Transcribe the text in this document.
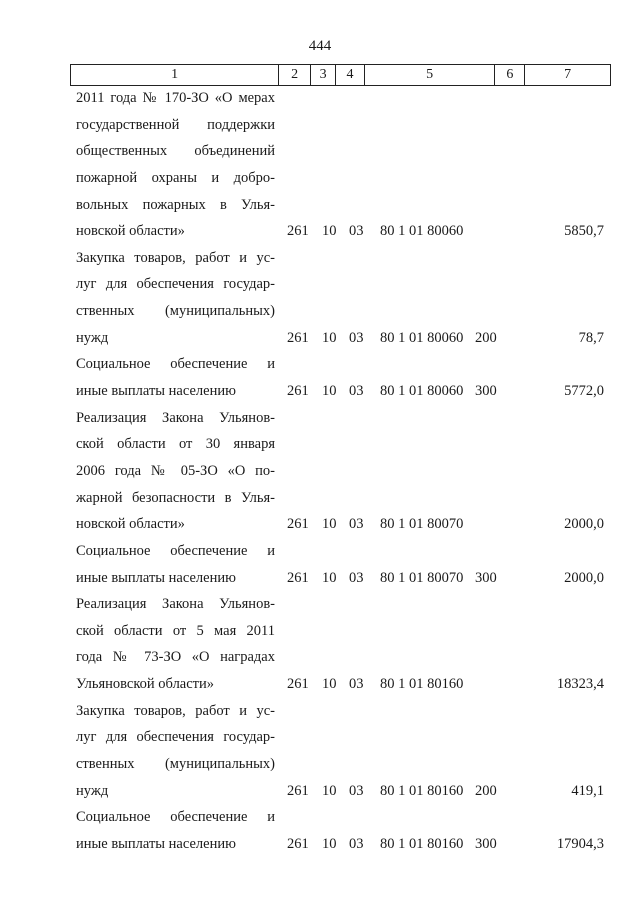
444
1	2	3	4	5	6	7
2011 года № 170-ЗО «О мерах
государственной поддержки
общественных объединений
пожарной охраны и добро-
вольных пожарных в Улья-
новской области»	261 10 03 80 1 01 80060	5850,7
Закупка товаров, работ и ус-
луг для обеспечения государ-
ственных (муниципальных)
нужд	261 10 03 80 1 01 80060 200	78,7
Социальное обеспечение и
иные выплаты населению	261 10 03 80 1 01 80060 300	5772,0
Реализация Закона Ульянов-
ской области от 30 января
2006 года № 05-ЗО «О по-
жарной безопасности в Улья-
новской области»	261 10 03 80 1 01 80070	2000,0
Социальное обеспечение и
иные выплаты населению	261 10 03 80 1 01 80070 300	2000,0
Реализация Закона Ульянов-
ской области от 5 мая 2011
года № 73-ЗО «О наградах
Ульяновской области»	261 10 03 80 1 01 80160	18323,4
Закупка товаров, работ и ус-
луг для обеспечения государ-
ственных (муниципальных)
нужд	261 10 03 80 1 01 80160 200	419,1
Социальное обеспечение и
иные выплаты населению	261 10 03 80 1 01 80160 300	17904,3
